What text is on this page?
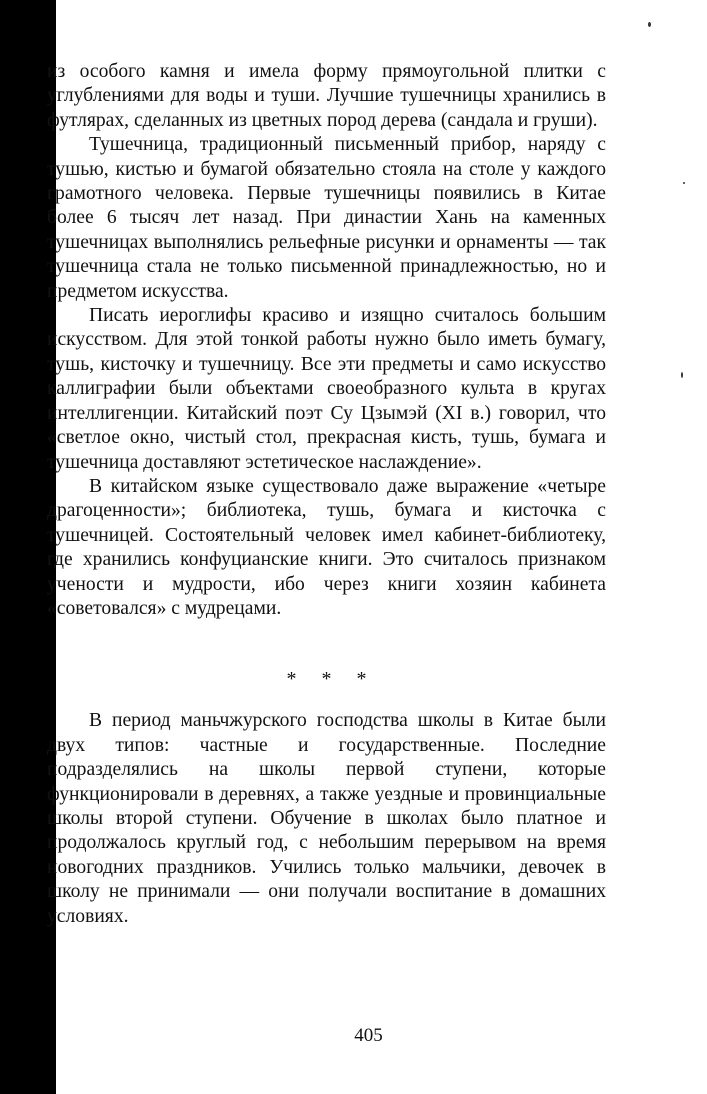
из особого камня и имела форму прямоугольной плитки с углублениями для воды и туши. Лучшие тушечницы хранились в футлярах, сделанных из цветных пород дерева (сандала и груши).

Тушечница, традиционный письменный прибор, наряду с тушью, кистью и бумагой обязательно стояла на столе у каждого грамотного человека. Первые тушечницы появились в Китае более 6 тысяч лет назад. При династии Хань на каменных тушечницах выполнялись рельефные рисунки и орнаменты — так тушечница стала не только письменной принадлежностью, но и предметом искусства.

Писать иероглифы красиво и изящно считалось большим искусством. Для этой тонкой работы нужно было иметь бумагу, тушь, кисточку и тушечницу. Все эти предметы и само искусство каллиграфии были объектами своеобразного культа в кругах интеллигенции. Китайский поэт Су Цзымэй (XI в.) говорил, что «светлое окно, чистый стол, прекрасная кисть, тушь, бумага и тушечница доставляют эстетическое наслаждение».

В китайском языке существовало даже выражение «четыре драгоценности»; библиотека, тушь, бумага и кисточка с тушечницей. Состоятельный человек имел кабинет-библиотеку, где хранились конфуцианские книги. Это считалось признаком учености и мудрости, ибо через книги хозяин кабинета «советовался» с мудрецами.

* * *

В период маньчжурского господства школы в Китае были двух типов: частные и государственные. Последние подразделялись на школы первой ступени, которые функционировали в деревнях, а также уездные и провинциальные школы второй ступени. Обучение в школах было платное и продолжалось круглый год, с небольшим перерывом на время новогодних праздников. Учились только мальчики, девочек в школу не принимали — они получали воспитание в домашних условиях.

405
